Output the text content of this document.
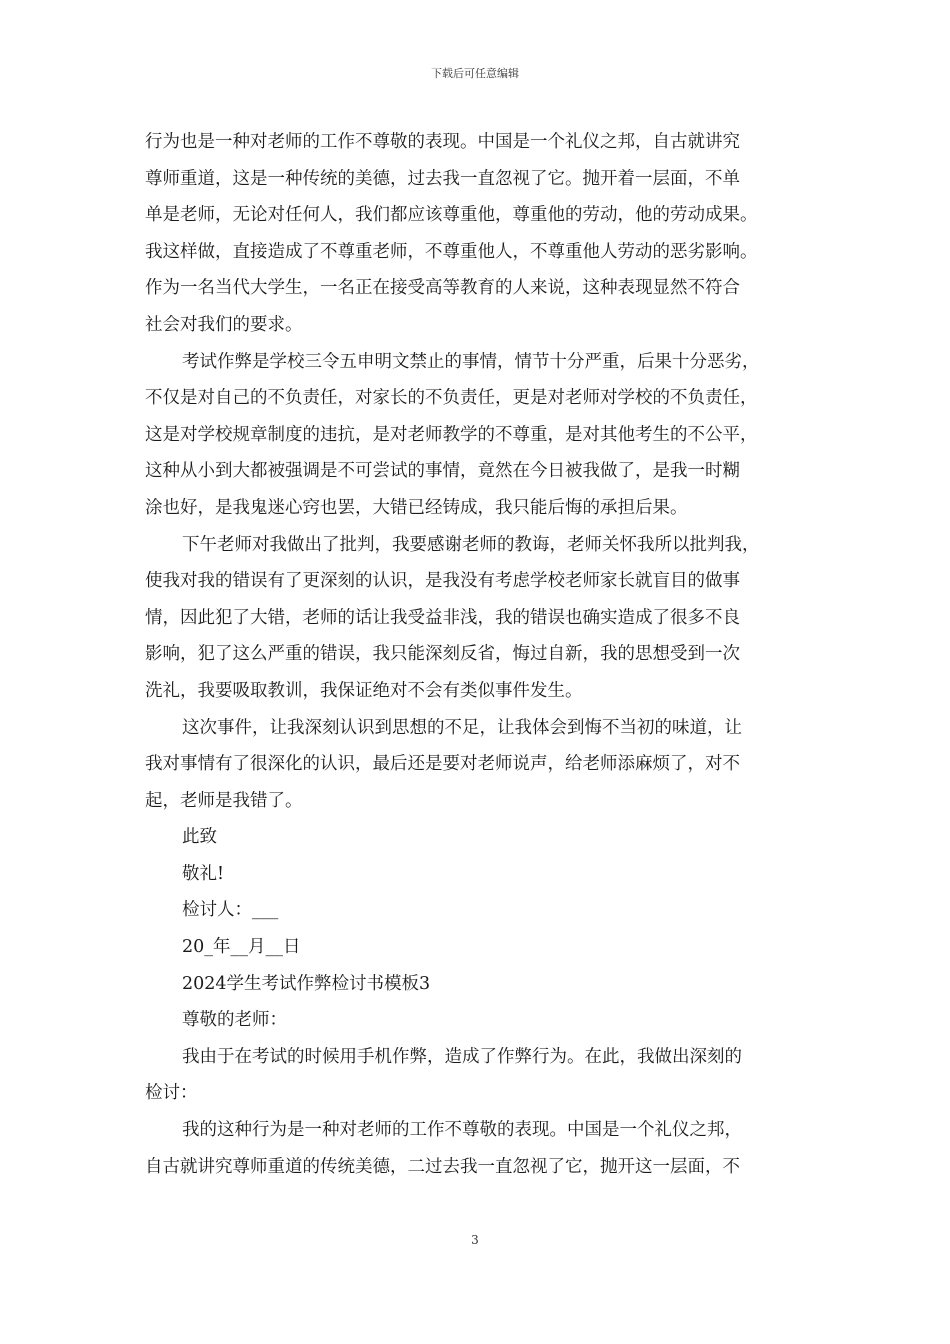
下载后可任意编辑
行为也是一种对老师的工作不尊敬的表现。中国是一个礼仪之邦，自古就讲究
尊师重道，这是一种传统的美德，过去我一直忽视了它。抛开着一层面，不单
单是老师，无论对任何人，我们都应该尊重他，尊重他的劳动，他的劳动成果。
我这样做，直接造成了不尊重老师，不尊重他人，不尊重他人劳动的恶劣影响。
作为一名当代大学生，一名正在接受高等教育的人来说，这种表现显然不符合
社会对我们的要求。
考试作弊是学校三令五申明文禁止的事情，情节十分严重，后果十分恶劣，
不仅是对自己的不负责任，对家长的不负责任，更是对老师对学校的不负责任，
这是对学校规章制度的违抗，是对老师教学的不尊重，是对其他考生的不公平，
这种从小到大都被强调是不可尝试的事情，竟然在今日被我做了，是我一时糊
涂也好，是我鬼迷心窍也罢，大错已经铸成，我只能后悔的承担后果。
下午老师对我做出了批判，我要感谢老师的教诲，老师关怀我所以批判我，
使我对我的错误有了更深刻的认识，是我没有考虑学校老师家长就盲目的做事
情，因此犯了大错，老师的话让我受益非浅，我的错误也确实造成了很多不良
影响，犯了这么严重的错误，我只能深刻反省，悔过自新，我的思想受到一次
洗礼，我要吸取教训，我保证绝对不会有类似事件发生。
这次事件，让我深刻认识到思想的不足，让我体会到悔不当初的味道，让
我对事情有了很深化的认识，最后还是要对老师说声，给老师添麻烦了，对不
起，老师是我错了。
此致
敬礼!
检讨人：___
20_年__月__日
2024学生考试作弊检讨书模板3
尊敬的老师：
我由于在考试的时候用手机作弊，造成了作弊行为。在此，我做出深刻的
检讨：
我的这种行为是一种对老师的工作不尊敬的表现。中国是一个礼仪之邦，
自古就讲究尊师重道的传统美德，二过去我一直忽视了它，抛开这一层面，不
3
